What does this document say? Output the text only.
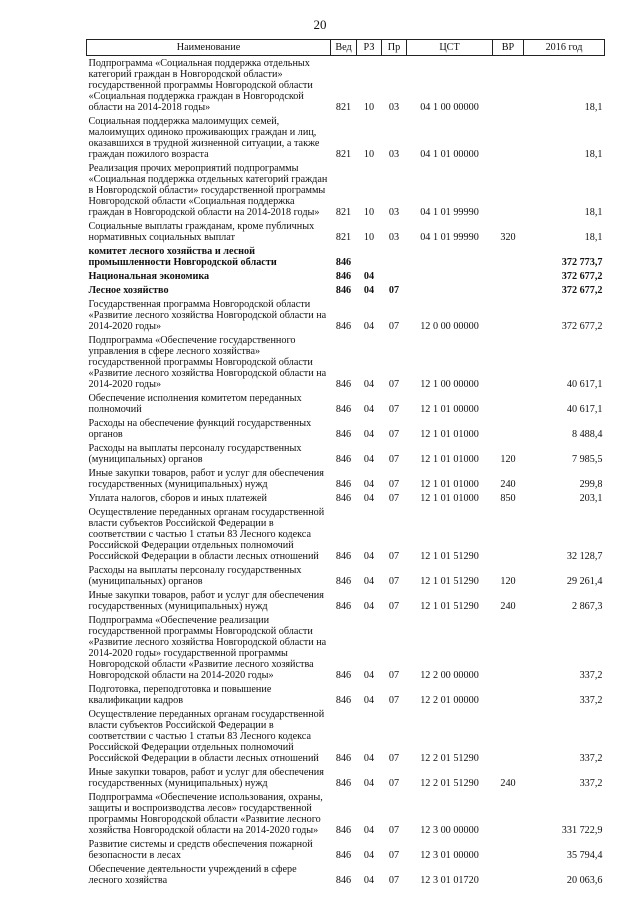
20
Наименование	Вед	РЗ	Пр	ЦСТ	ВР	2016 год
Подпрограмма «Социальная поддержка отдельных категорий граждан в Новгородской области» государственной программы Новгородской области «Социальная поддержка граждан в Новгородской области на 2014-2018 годы»	821	10	03	04 1 00 00000		18,1
Социальная поддержка малоимущих семей, малоимущих одиноко проживающих граждан и лиц, оказавшихся в трудной жизненной ситуации, а также граждан пожилого возраста	821	10	03	04 1 01 00000		18,1
Реализация прочих мероприятий подпрограммы «Социальная поддержка отдельных категорий граждан в Новгородской области» государственной программы Новгородской области «Социальная поддержка граждан в Новгородской области на 2014-2018 годы»	821	10	03	04 1 01 99990		18,1
Социальные выплаты гражданам, кроме публичных нормативных социальных выплат	821	10	03	04 1 01 99990	320	18,1
комитет лесного хозяйства и лесной промышленности Новгородской области	846					372 773,7
Национальная экономика	846	04				372 677,2
Лесное хозяйство	846	04	07			372 677,2
Государственная программа Новгородской области «Развитие лесного хозяйства Новгородской области на 2014-2020 годы»	846	04	07	12 0 00 00000		372 677,2
Подпрограмма «Обеспечение государственного управления в сфере лесного хозяйства» государственной программы Новгородской области «Развитие лесного хозяйства Новгородской области на 2014-2020 годы»	846	04	07	12 1 00 00000		40 617,1
Обеспечение исполнения комитетом переданных полномочий	846	04	07	12 1 01 00000		40 617,1
Расходы на обеспечение функций государственных органов	846	04	07	12 1 01 01000		8 488,4
Расходы на выплаты персоналу государственных (муниципальных) органов	846	04	07	12 1 01 01000	120	7 985,5
Иные закупки товаров, работ и услуг для обеспечения государственных (муниципальных) нужд	846	04	07	12 1 01 01000	240	299,8
Уплата налогов, сборов и иных платежей	846	04	07	12 1 01 01000	850	203,1
Осуществление переданных органам государственной власти субъектов Российской Федерации в соответствии с частью 1 статьи 83 Лесного кодекса Российской Федерации отдельных полномочий Российской Федерации в области лесных отношений	846	04	07	12 1 01 51290		32 128,7
Расходы на выплаты персоналу государственных (муниципальных) органов	846	04	07	12 1 01 51290	120	29 261,4
Иные закупки товаров, работ и услуг для обеспечения государственных (муниципальных) нужд	846	04	07	12 1 01 51290	240	2 867,3
Подпрограмма «Обеспечение реализации государственной программы Новгородской области «Развитие лесного хозяйства Новгородской области на 2014-2020 годы» государственной программы Новгородской области «Развитие лесного хозяйства Новгородской области на 2014-2020 годы»	846	04	07	12 2 00 00000		337,2
Подготовка, переподготовка и повышение квалификации кадров	846	04	07	12 2 01 00000		337,2
Осуществление переданных органам государственной власти субъектов Российской Федерации в соответствии с частью 1 статьи 83 Лесного кодекса Российской Федерации отдельных полномочий Российской Федерации в области лесных отношений	846	04	07	12 2 01 51290		337,2
Иные закупки товаров, работ и услуг для обеспечения государственных (муниципальных) нужд	846	04	07	12 2 01 51290	240	337,2
Подпрограмма «Обеспечение использования, охраны, защиты и воспроизводства лесов» государственной программы Новгородской области «Развитие лесного хозяйства Новгородской области на 2014-2020 годы»	846	04	07	12 3 00 00000		331 722,9
Развитие системы и средств обеспечения пожарной безопасности в лесах	846	04	07	12 3 01 00000		35 794,4
Обеспечение деятельности учреждений в сфере лесного хозяйства	846	04	07	12 3 01 01720		20 063,6
